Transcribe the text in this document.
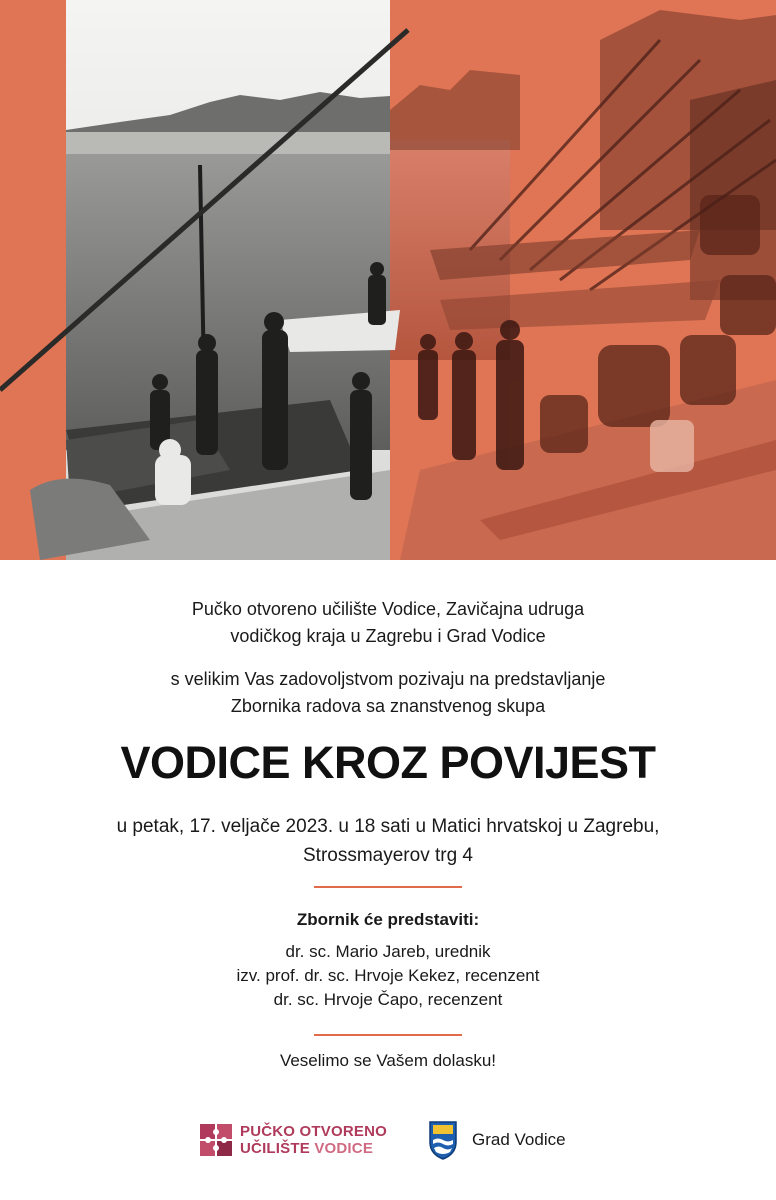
Pučko otvoreno učilište Vodice, Zavičajna udruga

vodičkog kraja u Zagrebu i Grad Vodice

s velikim Vas zadovoljstvom pozivaju na predstavljanje

Zbornika radova sa znanstvenog skupa

VODICE KROZ POVIJEST
u petak, 17. veljače 2023. u 18 sati u Matici hrvatskoj u Zagrebu,
Strossmayerov trg 4
Zbornik će predstaviti:
dr. sc. Mario Jareb, urednik
izv. prof. dr. sc. Hrvoje Kekez, recenzent
dr. sc. Hrvoje Čapo, recenzent
Veselimo se Vašem dolasku!
PUČKO OTVORENO
UČILIŠTE VODICE	Grad Vodice
